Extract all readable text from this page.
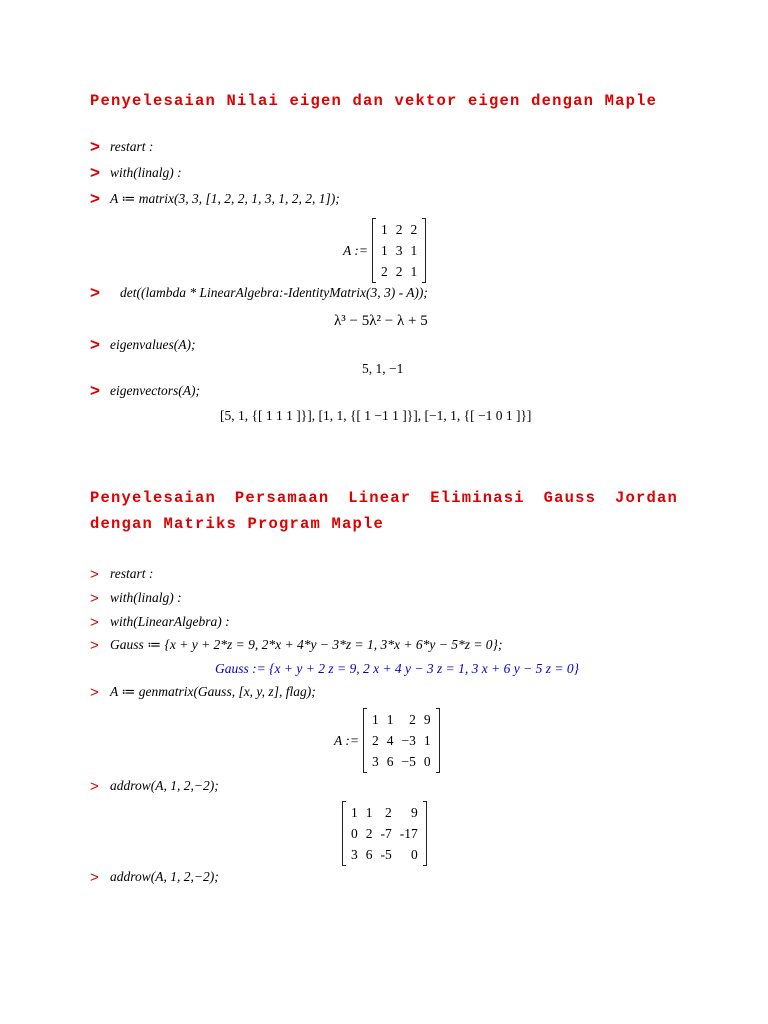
Penyelesaian Nilai eigen dan vektor eigen dengan Maple
> restart :
> with(linalg) :
> A ≔ matrix(3, 3, [1, 2, 2, 1, 3, 1, 2, 2, 1]);
A :=
1 2 2
1 3 1
2 2 1
>	det((lambda * LinearAlgebra:-IdentityMatrix(3, 3) - A));
λ³ − 5λ² − λ + 5
> eigenvalues(A);
5, 1, −1
> eigenvectors(A);
[5, 1, {[ 1 1 1 ]}], [1, 1, {[ 1 −1 1 ]}], [−1, 1, {[ −1 0 1 ]}]
Penyelesaian Persamaan Linear Eliminasi Gauss Jordan
dengan Matriks Program Maple
> restart :
> with(linalg) :
> with(LinearAlgebra) :
> Gauss ≔ {x + y + 2*z = 9, 2*x + 4*y − 3*z = 1, 3*x + 6*y − 5*z = 0};
Gauss := {x + y + 2 z = 9, 2 x + 4 y − 3 z = 1, 3 x + 6 y − 5 z = 0}
> A ≔ genmatrix(Gauss, [x, y, z], flag);
A :=
1 1	2 9
2 4 −3 1
3 6 −5 0
> addrow(A, 1, 2,−2);
1 1 2	9
0 2 -7 -17
3 6 -5	0
> addrow(A, 1, 2,−2);
